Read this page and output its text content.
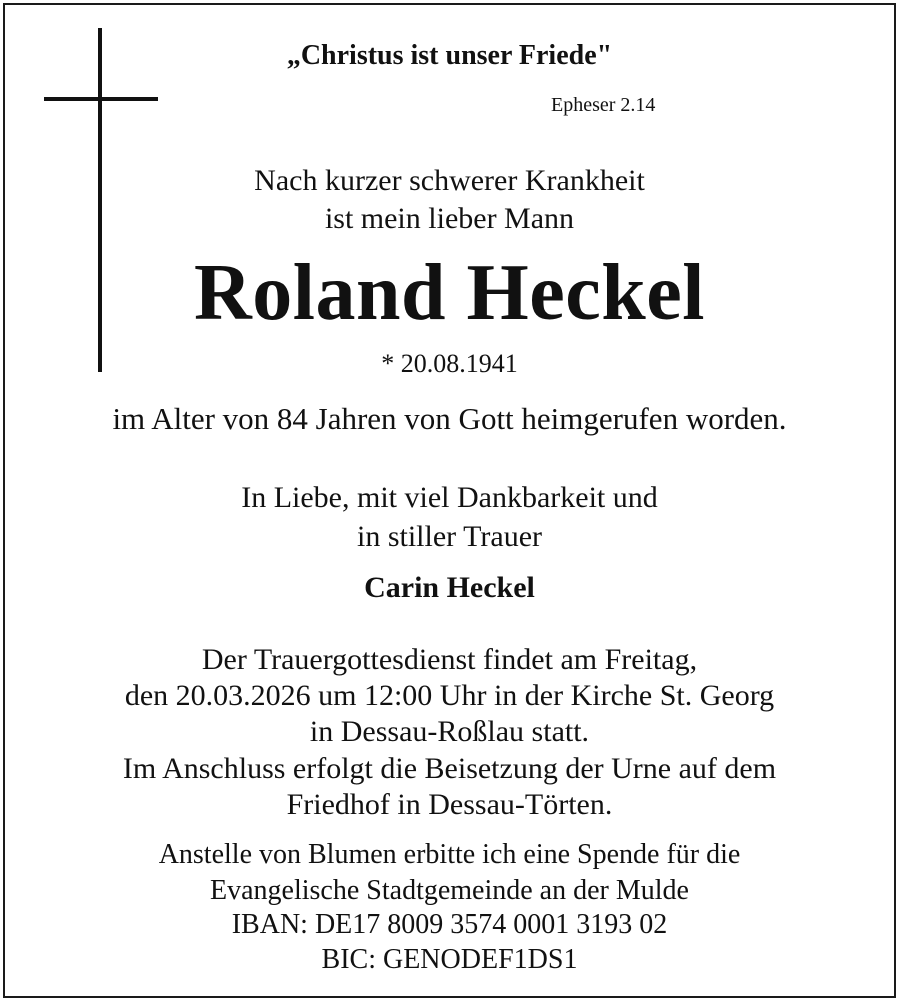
„Christus ist unser Friede"
Epheser 2.14
Nach kurzer schwerer Krankheit
ist mein lieber Mann
Roland Heckel
* 20.08.1941
im Alter von 84 Jahren von Gott heimgerufen worden.
In Liebe, mit viel Dankbarkeit und
in stiller Trauer
Carin Heckel
Der Trauergottesdienst findet am Freitag,
den 20.03.2026 um 12:00 Uhr in der Kirche St. Georg
in Dessau-Roßlau statt.
Im Anschluss erfolgt die Beisetzung der Urne auf dem
Friedhof in Dessau-Törten.
Anstelle von Blumen erbitte ich eine Spende für die
Evangelische Stadtgemeinde an der Mulde
IBAN: DE17 8009 3574 0001 3193 02
BIC: GENODEF1DS1
